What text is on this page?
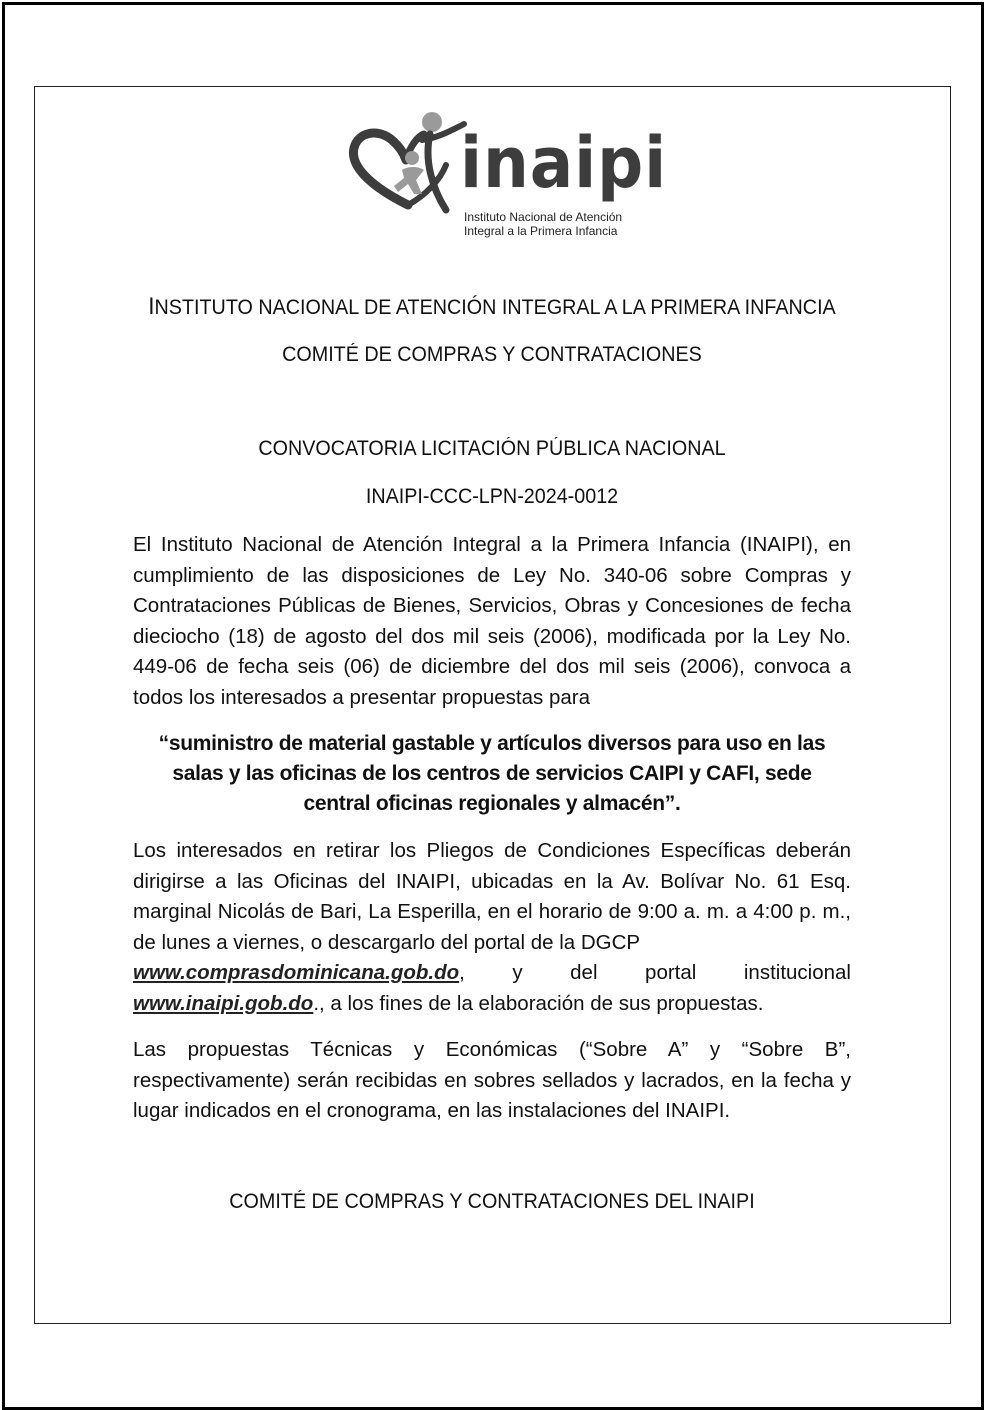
inaipi
Instituto Nacional de Atención
Integral a la Primera Infancia
INSTITUTO NACIONAL DE ATENCIÓN INTEGRAL A LA PRIMERA INFANCIA
COMITÉ DE COMPRAS Y CONTRATACIONES
CONVOCATORIA LICITACIÓN PÚBLICA NACIONAL
INAIPI-CCC-LPN-2024-0012
El Instituto Nacional de Atención Integral a la Primera Infancia (INAIPI), en cumplimiento de las disposiciones de Ley No. 340-06 sobre Compras y Contrataciones Públicas de Bienes, Servicios, Obras y Concesiones de fecha dieciocho (18) de agosto del dos mil seis (2006), modificada por la Ley No. 449-06 de fecha seis (06) de diciembre del dos mil seis (2006), convoca a todos los interesados a presentar propuestas para
“suministro de material gastable y artículos diversos para uso en las salas y las oficinas de los centros de servicios CAIPI y CAFI, sede central oficinas regionales y almacén”.
Los interesados en retirar los Pliegos de Condiciones Específicas deberán dirigirse a las Oficinas del INAIPI, ubicadas en la Av. Bolívar No. 61 Esq. marginal Nicolás de Bari, La Esperilla, en el horario de 9:00 a. m. a 4:00 p. m., de lunes a viernes, o descargarlo del portal de la DGCP
www.comprasdominicana.gob.do, y del portal institucional
www.inaipi.gob.do., a los fines de la elaboración de sus propuestas.
Las propuestas Técnicas y Económicas (“Sobre A” y “Sobre B”, respectivamente) serán recibidas en sobres sellados y lacrados, en la fecha y lugar indicados en el cronograma, en las instalaciones del INAIPI.
COMITÉ DE COMPRAS Y CONTRATACIONES DEL INAIPI
